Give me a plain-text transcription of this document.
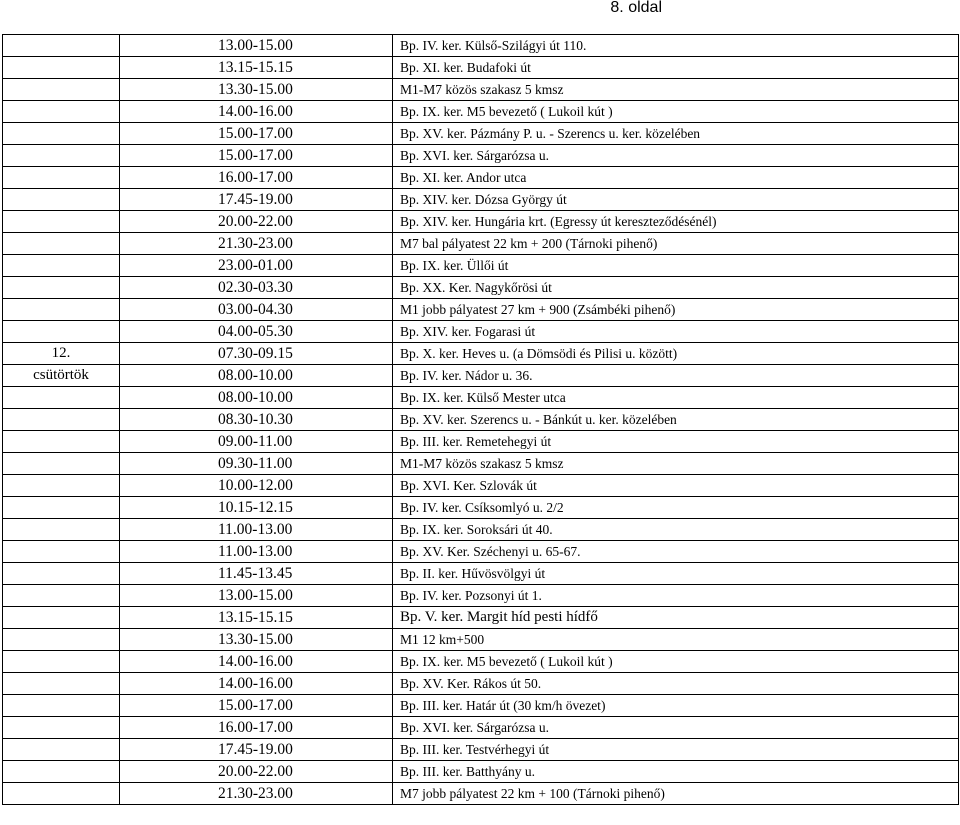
8. oldal
	13.00-15.00	Bp. IV. ker. Külső-Szilágyi út 110.
	13.15-15.15	Bp. XI. ker. Budafoki út
	13.30-15.00	M1-M7 közös szakasz 5 kmsz
	14.00-16.00	Bp. IX. ker. M5 bevezető ( Lukoil kút )
	15.00-17.00	Bp. XV. ker. Pázmány P. u. - Szerencs u. ker. közelében
	15.00-17.00	Bp. XVI. ker. Sárgarózsa u.
	16.00-17.00	Bp. XI. ker. Andor utca
	17.45-19.00	Bp. XIV. ker. Dózsa György út
	20.00-22.00	Bp. XIV. ker. Hungária krt. (Egressy út kereszteződésénél)
	21.30-23.00	M7 bal pályatest 22 km + 200 (Tárnoki pihenő)
	23.00-01.00	Bp. IX. ker. Üllői út
	02.30-03.30	Bp. XX. Ker. Nagykőrösi út
	03.00-04.30	M1 jobb pályatest 27 km + 900 (Zsámbéki pihenő)
	04.00-05.30	Bp. XIV. ker. Fogarasi út
12.	07.30-09.15	Bp. X. ker. Heves u. (a Dömsödi és Pilisi u. között)
csütörtök	08.00-10.00	Bp. IV. ker. Nádor u. 36.
	08.00-10.00	Bp. IX. ker. Külső Mester utca
	08.30-10.30	Bp. XV. ker. Szerencs u. - Bánkút u. ker. közelében
	09.00-11.00	Bp. III. ker. Remetehegyi út
	09.30-11.00	M1-M7 közös szakasz 5 kmsz
	10.00-12.00	Bp. XVI. Ker. Szlovák út
	10.15-12.15	Bp. IV. ker. Csíksomlyó u. 2/2
	11.00-13.00	Bp. IX. ker. Soroksári út 40.
	11.00-13.00	Bp. XV. Ker. Széchenyi u. 65-67.
	11.45-13.45	Bp. II. ker. Hűvösvölgyi út
	13.00-15.00	Bp. IV. ker. Pozsonyi út 1.
	13.15-15.15	Bp. V. ker. Margit híd pesti hídfő
	13.30-15.00	M1 12 km+500
	14.00-16.00	Bp. IX. ker. M5 bevezető ( Lukoil kút )
	14.00-16.00	Bp. XV. Ker. Rákos út 50.
	15.00-17.00	Bp. III. ker. Határ út (30 km/h övezet)
	16.00-17.00	Bp. XVI. ker. Sárgarózsa u.
	17.45-19.00	Bp. III. ker. Testvérhegyi út
	20.00-22.00	Bp. III. ker. Batthyány u.
	21.30-23.00	M7 jobb pályatest 22 km + 100 (Tárnoki pihenő)
